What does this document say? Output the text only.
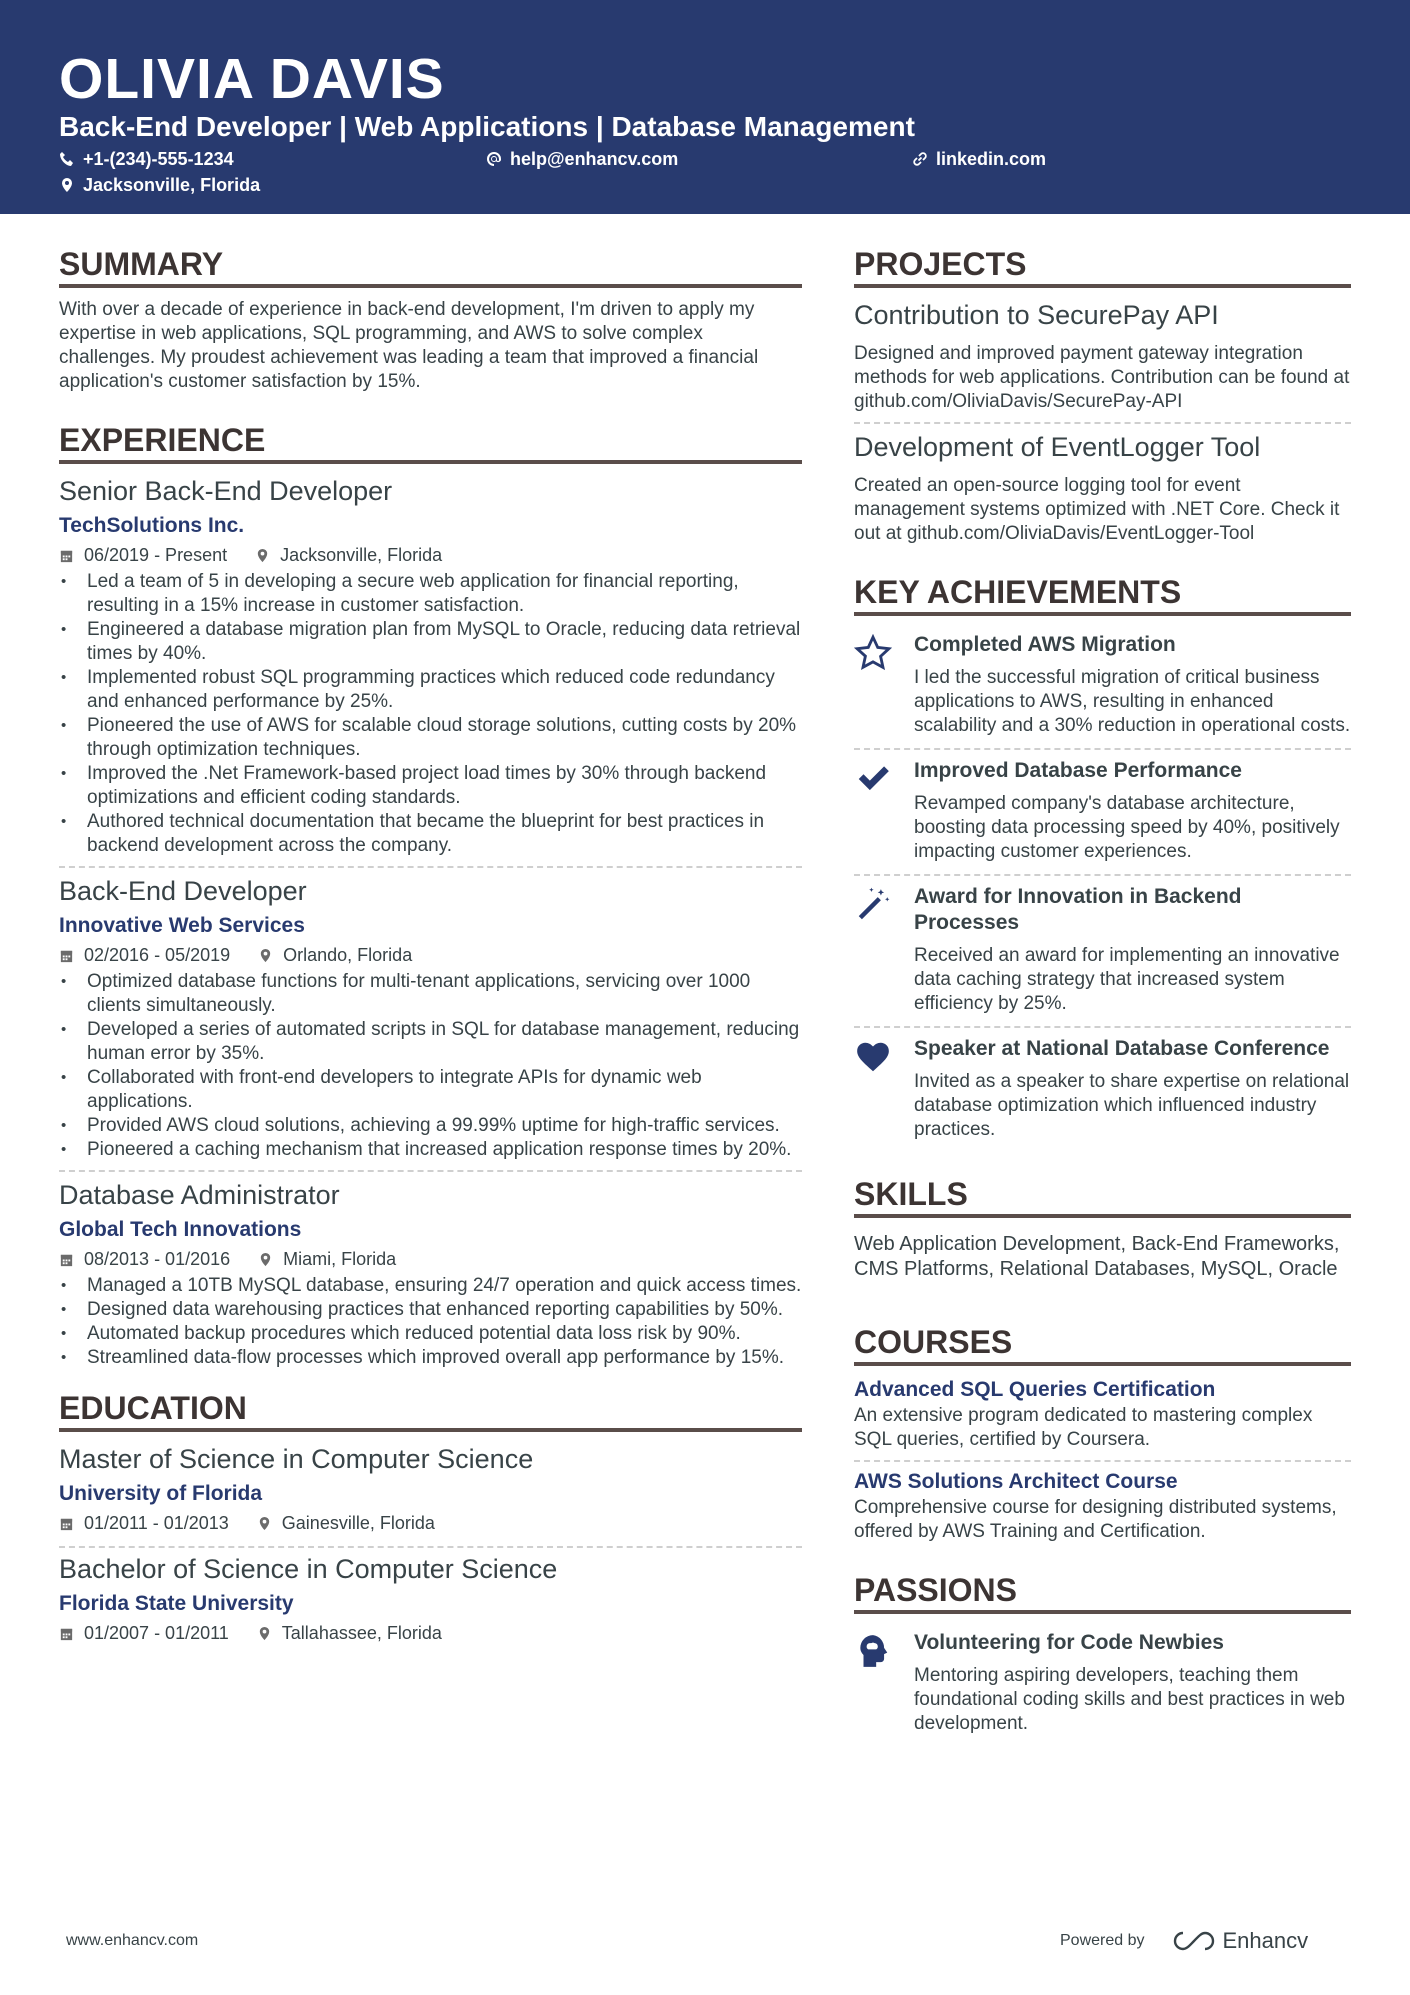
OLIVIA DAVIS
Back-End Developer | Web Applications | Database Management
+1-(234)-555-1234	help@enhancv.com	linkedin.com
Jacksonville, Florida
SUMMARY
With over a decade of experience in back-end development, I'm driven to apply my expertise in web applications, SQL programming, and AWS to solve complex challenges. My proudest achievement was leading a team that improved a financial application's customer satisfaction by 15%.
EXPERIENCE
Senior Back-End Developer
TechSolutions Inc.
06/2019 - Present	Jacksonville, Florida
• Led a team of 5 in developing a secure web application for financial reporting, resulting in a 15% increase in customer satisfaction.
• Engineered a database migration plan from MySQL to Oracle, reducing data retrieval times by 40%.
• Implemented robust SQL programming practices which reduced code redundancy and enhanced performance by 25%.
• Pioneered the use of AWS for scalable cloud storage solutions, cutting costs by 20% through optimization techniques.
• Improved the .Net Framework-based project load times by 30% through backend optimizations and efficient coding standards.
• Authored technical documentation that became the blueprint for best practices in backend development across the company.
Back-End Developer
Innovative Web Services
02/2016 - 05/2019	Orlando, Florida
• Optimized database functions for multi-tenant applications, servicing over 1000 clients simultaneously.
• Developed a series of automated scripts in SQL for database management, reducing human error by 35%.
• Collaborated with front-end developers to integrate APIs for dynamic web applications.
• Provided AWS cloud solutions, achieving a 99.99% uptime for high-traffic services.
• Pioneered a caching mechanism that increased application response times by 20%.
Database Administrator
Global Tech Innovations
08/2013 - 01/2016	Miami, Florida
• Managed a 10TB MySQL database, ensuring 24/7 operation and quick access times.
• Designed data warehousing practices that enhanced reporting capabilities by 50%.
• Automated backup procedures which reduced potential data loss risk by 90%.
• Streamlined data-flow processes which improved overall app performance by 15%.
EDUCATION
Master of Science in Computer Science
University of Florida
01/2011 - 01/2013	Gainesville, Florida
Bachelor of Science in Computer Science
Florida State University
01/2007 - 01/2011	Tallahassee, Florida
PROJECTS
Contribution to SecurePay API
Designed and improved payment gateway integration methods for web applications. Contribution can be found at github.com/OliviaDavis/SecurePay-API
Development of EventLogger Tool
Created an open-source logging tool for event management systems optimized with .NET Core. Check it out at github.com/OliviaDavis/EventLogger-Tool
KEY ACHIEVEMENTS
Completed AWS Migration
I led the successful migration of critical business applications to AWS, resulting in enhanced scalability and a 30% reduction in operational costs.
Improved Database Performance
Revamped company's database architecture, boosting data processing speed by 40%, positively impacting customer experiences.
Award for Innovation in Backend Processes
Received an award for implementing an innovative data caching strategy that increased system efficiency by 25%.
Speaker at National Database Conference
Invited as a speaker to share expertise on relational database optimization which influenced industry practices.
SKILLS
Web Application Development, Back-End Frameworks, CMS Platforms, Relational Databases, MySQL, Oracle
COURSES
Advanced SQL Queries Certification
An extensive program dedicated to mastering complex SQL queries, certified by Coursera.
AWS Solutions Architect Course
Comprehensive course for designing distributed systems, offered by AWS Training and Certification.
PASSIONS
Volunteering for Code Newbies
Mentoring aspiring developers, teaching them foundational coding skills and best practices in web development.
www.enhancv.com	Powered by	Enhancv
